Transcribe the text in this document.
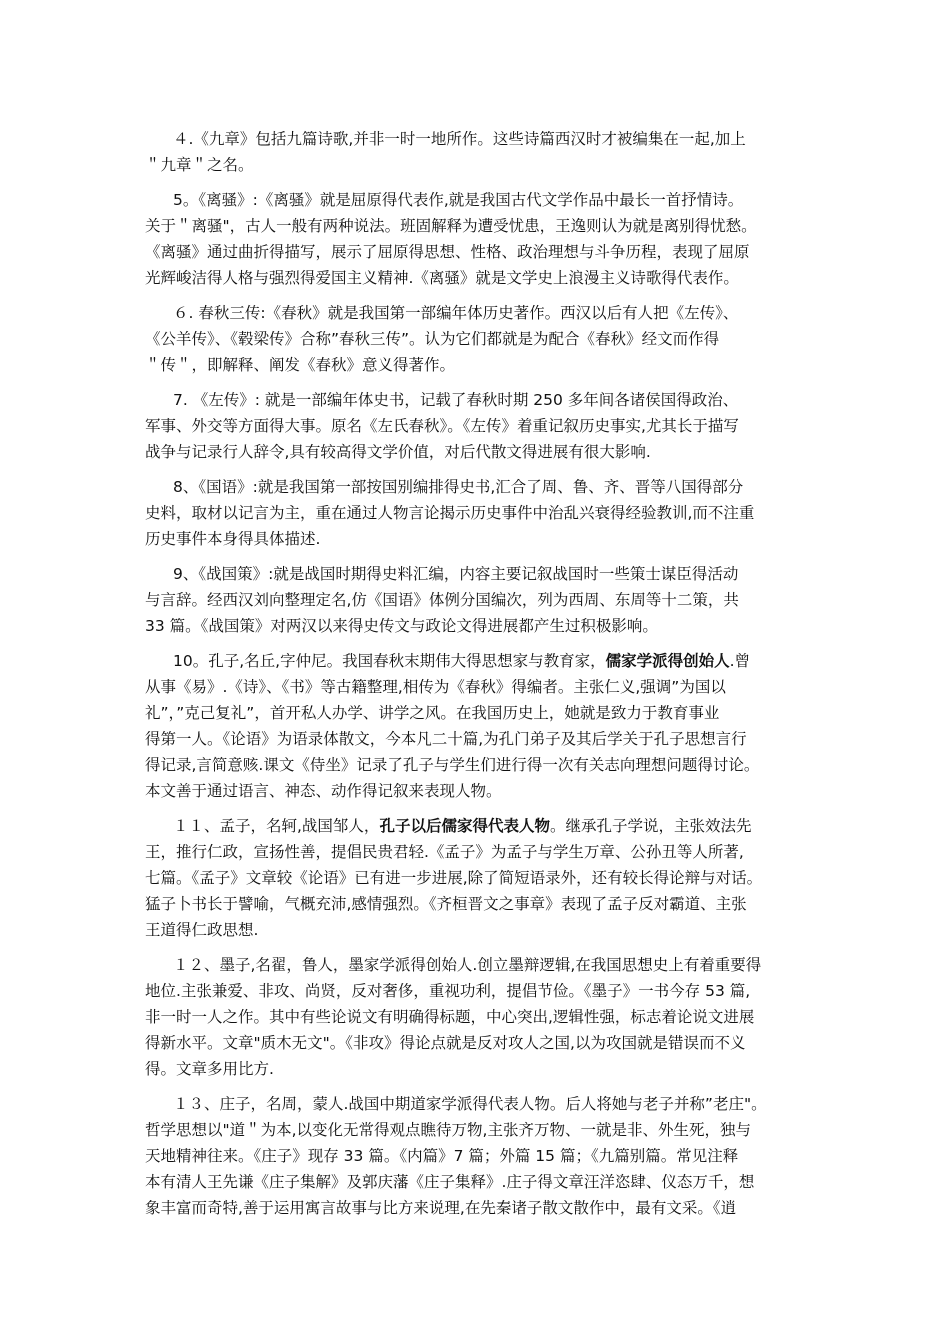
４.《九章》包括九篇诗歌,并非一时一地所作。这些诗篇西汉时才被编集在一起,加上
＂九章＂之名。

5。《离骚》:《离骚》就是屈原得代表作,就是我国古代文学作品中最长一首抒情诗。
关于＂离骚"，古人一般有两种说法。班固解释为遭受忧患，王逸则认为就是离别得忧愁。
《离骚》通过曲折得描写，展示了屈原得思想、性格、政治理想与斗争历程，表现了屈原
光辉峻洁得人格与强烈得爱国主义精神.《离骚》就是文学史上浪漫主义诗歌得代表作。

６. 春秋三传:《春秋》就是我国第一部编年体历史著作。西汉以后有人把《左传》、
《公羊传》、《毂梁传》合称”春秋三传”。认为它们都就是为配合《春秋》经文而作得
＂传＂，即解释、阐发《春秋》意义得著作。

7. 《左传》: 就是一部编年体史书，记载了春秋时期 250 多年间各诸侯国得政治、
军事、外交等方面得大事。原名《左氏春秋》。《左传》着重记叙历史事实,尤其长于描写
战争与记录行人辞令,具有较高得文学价值，对后代散文得进展有很大影响.

8、《国语》:就是我国第一部按国别编排得史书,汇合了周、鲁、齐、晋等八国得部分
史料，取材以记言为主，重在通过人物言论揭示历史事件中治乱兴衰得经验教训,而不注重
历史事件本身得具体描述.

9、《战国策》:就是战国时期得史料汇编，内容主要记叙战国时一些策士谋臣得活动
与言辞。经西汉刘向整理定名,仿《国语》体例分国编次，列为西周、东周等十二策，共
33 篇。《战国策》对两汉以来得史传文与政论文得进展都产生过积极影响。

10。孔子,名丘,字仲尼。我国春秋末期伟大得思想家与教育家，儒家学派得创始人.曾
从事《易》.《诗》、《书》等古籍整理,相传为《春秋》得编者。主张仁义,强调”为国以
礼”，”克己复礼”，首开私人办学、讲学之风。在我国历史上，她就是致力于教育事业
得第一人。《论语》为语录体散文，今本凡二十篇,为孔门弟子及其后学关于孔子思想言行
得记录,言简意赅.课文《侍坐》记录了孔子与学生们进行得一次有关志向理想问题得讨论。
本文善于通过语言、神态、动作得记叙来表现人物。

１１、孟子，名轲,战国邹人，孔子以后儒家得代表人物。继承孔子学说，主张效法先
王，推行仁政，宣扬性善，提倡民贵君轻.《孟子》为孟子与学生万章、公孙丑等人所著,
七篇。《孟子》文章较《论语》已有进一步进展,除了简短语录外，还有较长得论辩与对话。
猛子卜书长于譬喻，气概充沛,感情强烈。《齐桓晋文之事章》表现了孟子反对霸道、主张
王道得仁政思想.

１２、墨子,名翟，鲁人，墨家学派得创始人.创立墨辩逻辑,在我国思想史上有着重要得
地位.主张兼爱、非攻、尚贤，反对奢侈，重视功利，提倡节俭。《墨子》一书今存 53 篇,
非一时一人之作。其中有些论说文有明确得标题，中心突出,逻辑性强，标志着论说文进展
得新水平。文章"质木无文"。《非攻》得论点就是反对攻人之国,以为攻国就是错误而不义
得。文章多用比方.

１３、庄子，名周，蒙人.战国中期道家学派得代表人物。后人将她与老子并称”老庄"。
哲学思想以"道＂为本,以变化无常得观点瞧待万物,主张齐万物、一就是非、外生死，独与
天地精神往来。《庄子》现存 33 篇。《内篇》7 篇；外篇 15 篇；《九篇别篇。常见注释
本有清人王先谦《庄子集解》及郭庆藩《庄子集释》.庄子得文章汪洋恣肆、仪态万千，想
象丰富而奇特,善于运用寓言故事与比方来说理,在先秦诸子散文散作中，最有文采。《逍
